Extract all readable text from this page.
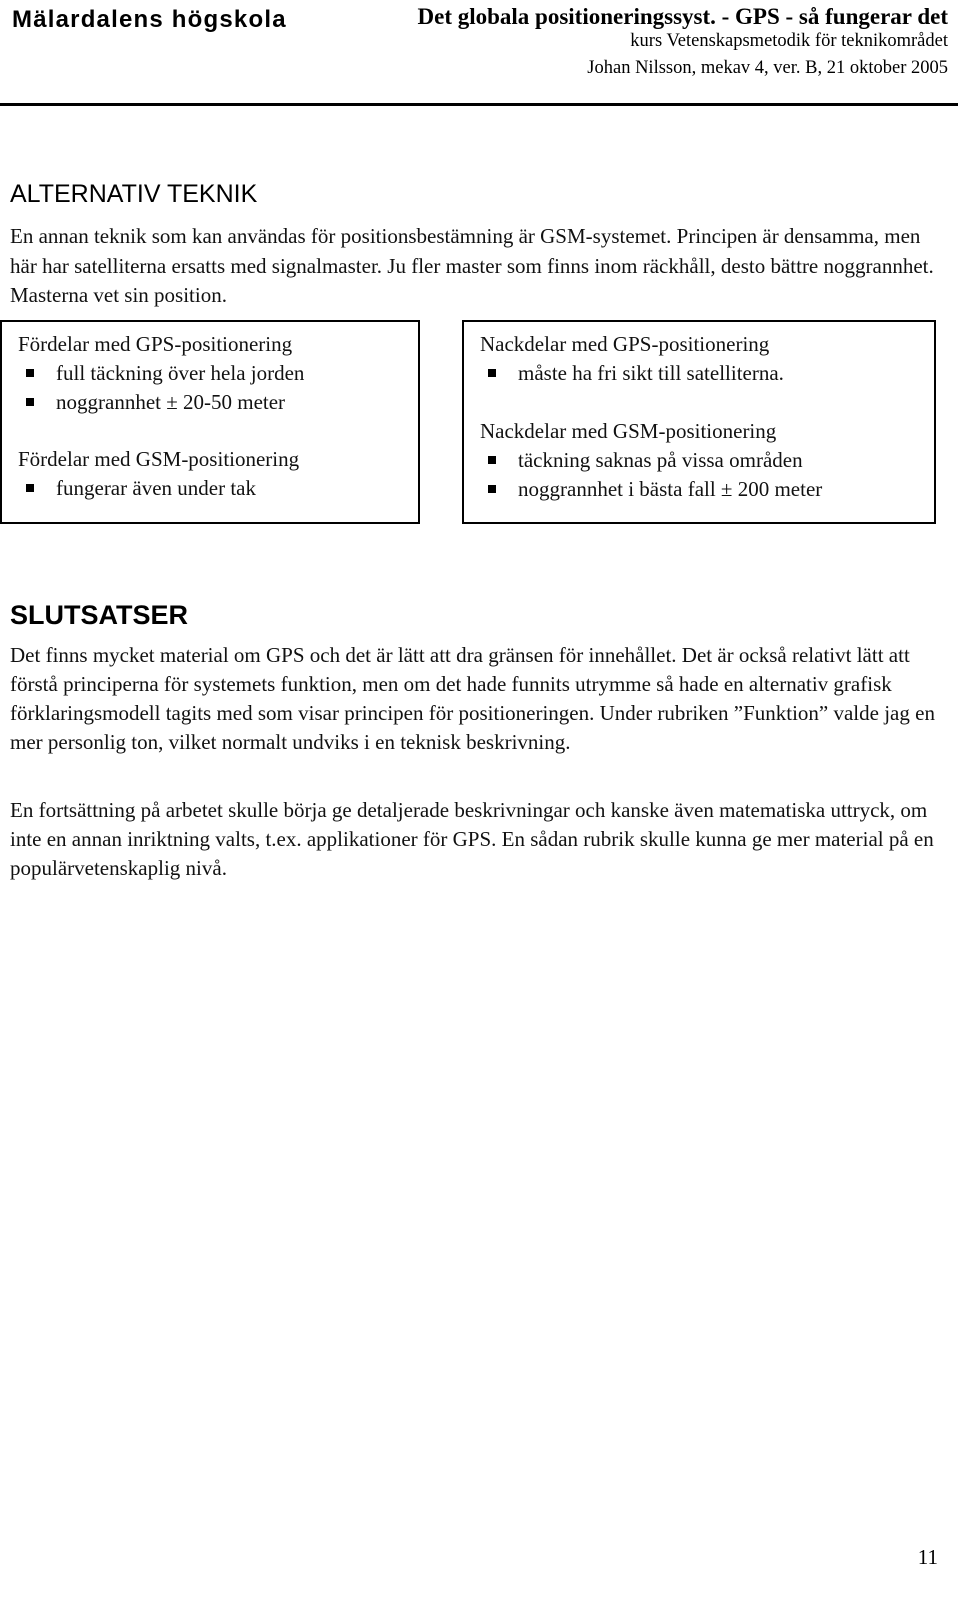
Mälardalens högskola	Det globala positioneringssyst. - GPS - så fungerar det
kurs Vetenskapsmetodik för teknikområdet
Johan Nilsson, mekav 4, ver. B, 21 oktober 2005
ALTERNATIV TEKNIK
En annan teknik som kan användas för positionsbestämning är GSM-systemet. Principen är densamma, men här har satelliterna ersatts med signalmaster. Ju fler master som finns inom räckhåll, desto bättre noggrannhet. Masterna vet sin position.
Fördelar med GPS-positionering
full täckning över hela jorden
noggrannhet ± 20-50 meter
Fördelar med GSM-positionering
fungerar även under tak
Nackdelar med GPS-positionering
måste ha fri sikt till satelliterna.
Nackdelar med GSM-positionering
täckning saknas på vissa områden
noggrannhet i bästa fall ± 200 meter
SLUTSATSER
Det finns mycket material om GPS och det är lätt att dra gränsen för innehållet. Det är också relativt lätt att förstå principerna för systemets funktion, men om det hade funnits utrymme så hade en alternativ grafisk förklaringsmodell tagits med som visar principen för positioneringen. Under rubriken ”Funktion” valde jag en mer personlig ton, vilket normalt undviks i en teknisk beskrivning.
En fortsättning på arbetet skulle börja ge detaljerade beskrivningar och kanske även matematiska uttryck, om inte en annan inriktning valts, t.ex. applikationer för GPS. En sådan rubrik skulle kunna ge mer material på en populärvetenskaplig nivå.
11
